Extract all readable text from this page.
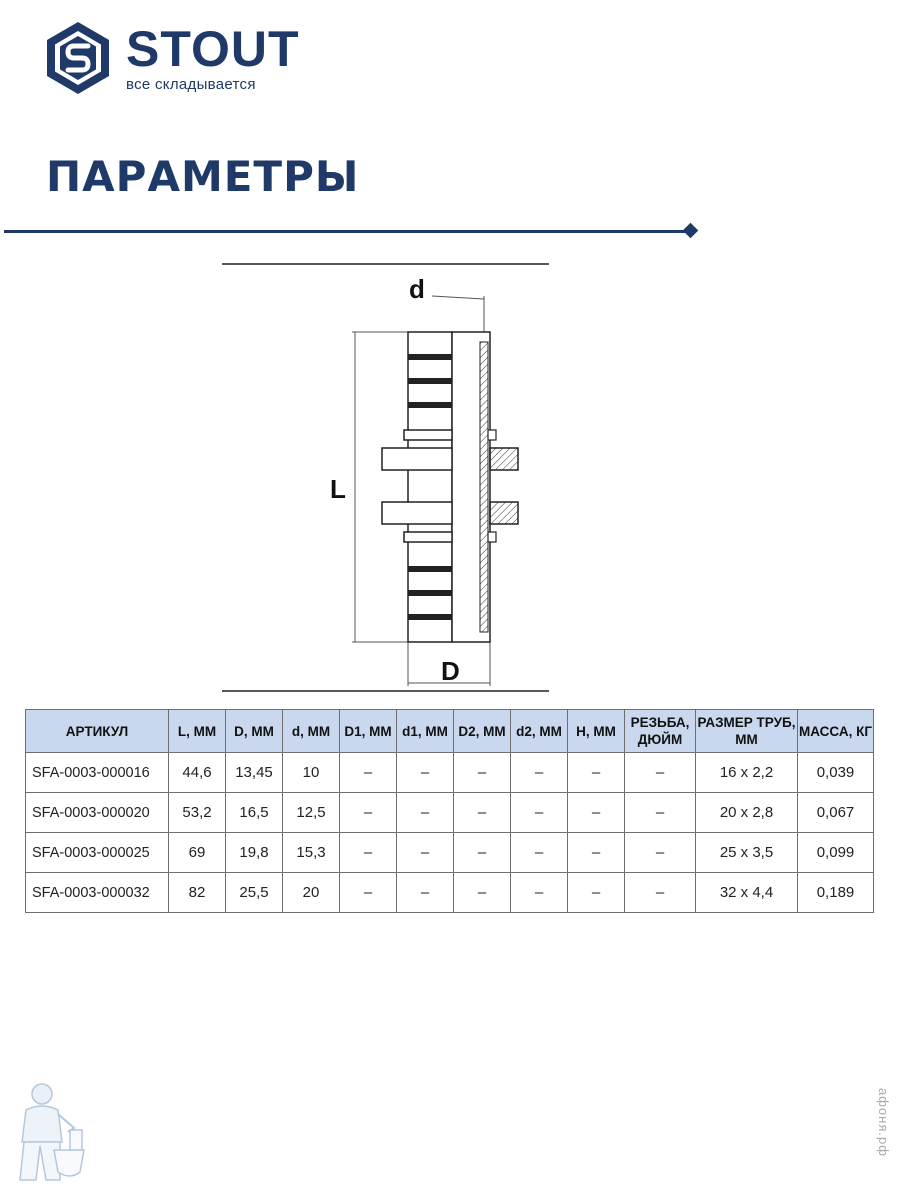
STOUT
все складывается
ПАРАМЕТРЫ
d
L
D
АРТИКУЛ	L, ММ	D, ММ	d, ММ	D1, ММ	d1, ММ	D2, ММ	d2, ММ	H, ММ	РЕЗЬБА, ДЮЙМ	РАЗМЕР ТРУБ, ММ	МАССА, КГ
SFA-0003-000016	44,6	13,45	10	–	–	–	–	–	–	16 x 2,2	0,039
SFA-0003-000020	53,2	16,5	12,5	–	–	–	–	–	–	20 x 2,8	0,067
SFA-0003-000025	69	19,8	15,3	–	–	–	–	–	–	25 x 3,5	0,099
SFA-0003-000032	82	25,5	20	–	–	–	–	–	–	32 x 4,4	0,189
афоня.рф
